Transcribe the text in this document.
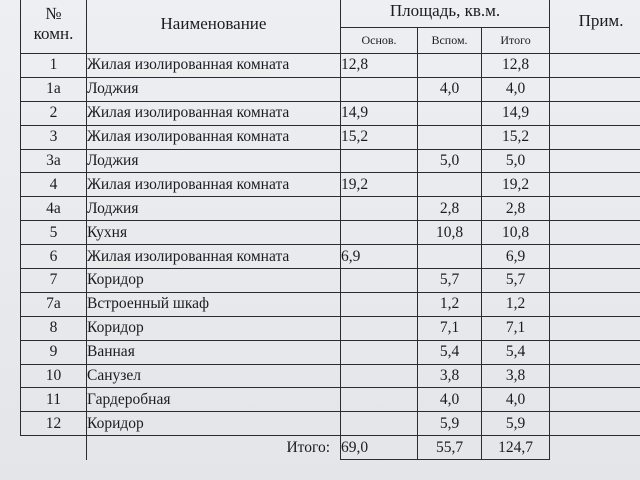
№
комн.	Наименование	Площадь, кв.м.			Прим.
		Основ.	Вспом.	Итого	
1	Жилая изолированная комната	12,8		12,8	
1а	Лоджия		4,0	4,0	
2	Жилая изолированная комната	14,9		14,9	
3	Жилая изолированная комната	15,2		15,2	
3а	Лоджия		5,0	5,0	
4	Жилая изолированная комната	19,2		19,2	
4а	Лоджия		2,8	2,8	
5	Кухня		10,8	10,8	
6	Жилая изолированная комната	6,9		6,9	
7	Коридор		5,7	5,7	
7а	Встроенный шкаф		1,2	1,2	
8	Коридор		7,1	7,1	
9	Ванная		5,4	5,4	
10	Санузел		3,8	3,8	
11	Гардеробная		4,0	4,0	
12	Коридор		5,9	5,9	
	Итого:	69,0	55,7	124,7	
